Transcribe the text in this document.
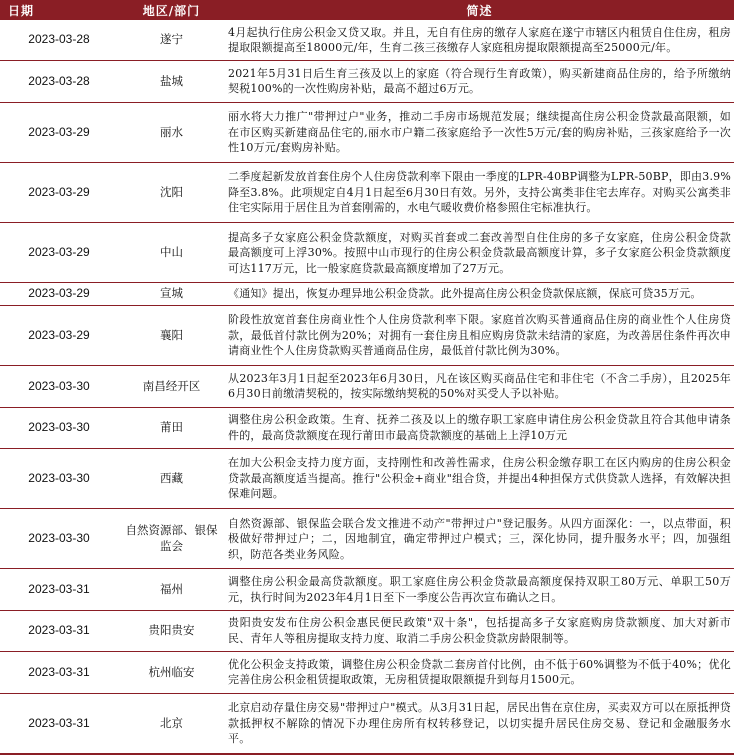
日期	地区/部门	简述
2023-03-28	遂宁	4月起执行住房公积金又贷又取。并且，无自有住房的缴存人家庭在遂宁市辖区内租赁自住住房，租房提取限额提高至18000元/年，生育二孩三孩缴存人家庭租房提取限额提高至25000元/年。
2023-03-28	盐城	2021年5月31日后生育三孩及以上的家庭（符合现行生育政策），购买新建商品住房的，给予所缴纳契税100%的一次性购房补贴，最高不超过6万元。
2023-03-29	丽水	丽水将大力推广"带押过户"业务，推动二手房市场规范发展；继续提高住房公积金贷款最高限额，如在市区购买新建商品住宅的,丽水市户籍二孩家庭给予一次性5万元/套的购房补贴，三孩家庭给予一次性10万元/套购房补贴。
2023-03-29	沈阳	二季度起新发放首套住房个人住房贷款利率下限由一季度的LPR-40BP调整为LPR-50BP，即由3.9%降至3.8%。此项规定自4月1日起至6月30日有效。另外，支持公寓类非住宅去库存。对购买公寓类非住宅实际用于居住且为首套刚需的，水电气暖收费价格参照住宅标准执行。
2023-03-29	中山	提高多子女家庭公积金贷款额度，对购买首套或二套改善型自住住房的多子女家庭，住房公积金贷款最高额度可上浮30%。按照中山市现行的住房公积金贷款最高额度计算，多子女家庭公积金贷款额度可达117万元，比一般家庭贷款最高额度增加了27万元。
2023-03-29	宣城	《通知》提出，恢复办理异地公积金贷款。此外提高住房公积金贷款保底额，保底可贷35万元。
2023-03-29	襄阳	阶段性放宽首套住房商业性个人住房贷款利率下限。家庭首次购买普通商品住房的商业性个人住房贷款，最低首付款比例为20%；对拥有一套住房且相应购房贷款未结清的家庭，为改善居住条件再次申请商业性个人住房贷款购买普通商品住房，最低首付款比例为30%。
2023-03-30	南昌经开区	从2023年3月1日起至2023年6月30日，凡在该区购买商品住宅和非住宅（不含二手房），且2025年6月30日前缴清契税的，按实际缴纳契税的50%对买受人予以补贴。
2023-03-30	莆田	调整住房公积金政策。生育、抚养二孩及以上的缴存职工家庭申请住房公积金贷款且符合其他申请条件的，最高贷款额度在现行莆田市最高贷款额度的基础上上浮10万元
2023-03-30	西藏	在加大公积金支持力度方面，支持刚性和改善性需求，住房公积金缴存职工在区内购房的住房公积金贷款最高额度适当提高。推行"公积金+商业"组合贷，并提出4种担保方式供贷款人选择，有效解决担保难问题。
2023-03-30	自然资源部、银保监会	自然资源部、银保监会联合发文推进不动产"带押过户"登记服务。从四方面深化：一，以点带面，积极做好带押过户；二，因地制宜，确定带押过户模式；三，深化协同，提升服务水平；四，加强组织，防范各类业务风险。
2023-03-31	福州	调整住房公积金最高贷款额度。职工家庭住房公积金贷款最高额度保持双职工80万元、单职工50万元，执行时间为2023年4月1日至下一季度公告再次宣布确认之日。
2023-03-31	贵阳贵安	贵阳贵安发布住房公积金惠民便民政策"双十条"，包括提高多子女家庭购房贷款额度、加大对新市民、青年人等租房提取支持力度、取消二手房公积金贷款房龄限制等。
2023-03-31	杭州临安	优化公积金支持政策，调整住房公积金贷款二套房首付比例，由不低于60%调整为不低于40%；优化完善住房公积金租赁提取政策，无房租赁提取限额提升到每月1500元。
2023-03-31	北京	北京启动存量住房交易"带押过户"模式。从3月31日起，居民出售在京住房，买卖双方可以在原抵押贷款抵押权不解除的情况下办理住房所有权转移登记，以切实提升居民住房交易、登记和金融服务水平。
